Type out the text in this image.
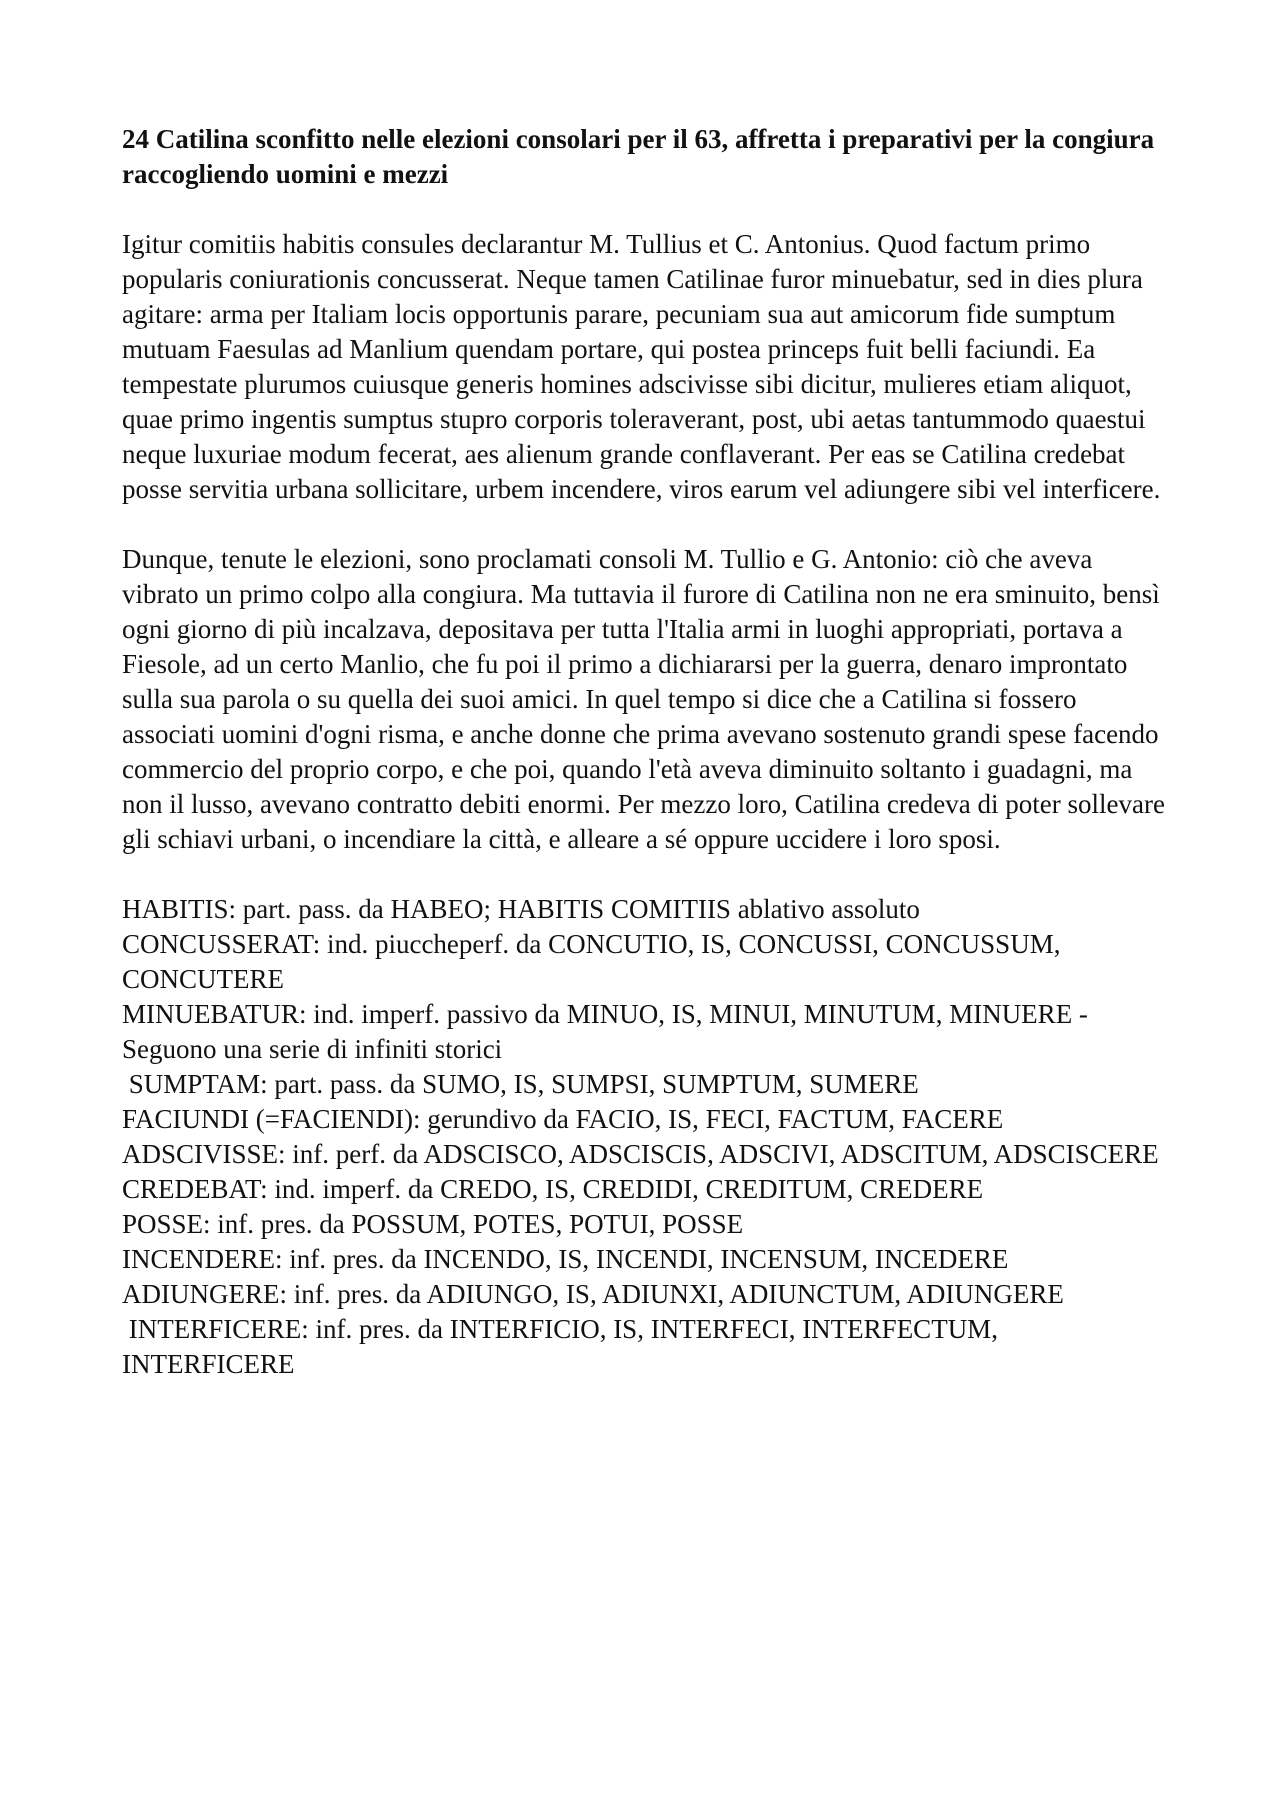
24 Catilina sconfitto nelle elezioni consolari per il 63, affretta i preparativi per la congiura raccogliendo uomini e mezzi

Igitur comitiis habitis consules declarantur M. Tullius et C. Antonius. Quod factum primo popularis coniurationis concusserat. Neque tamen Catilinae furor minuebatur, sed in dies plura agitare: arma per Italiam locis opportunis parare, pecuniam sua aut amicorum fide sumptum mutuam Faesulas ad Manlium quendam portare, qui postea princeps fuit belli faciundi. Ea tempestate plurumos cuiusque generis homines adscivisse sibi dicitur, mulieres etiam aliquot, quae primo ingentis sumptus stupro corporis toleraverant, post, ubi aetas tantummodo quaestui neque luxuriae modum fecerat, aes alienum grande conflaverant. Per eas se Catilina credebat posse servitia urbana sollicitare, urbem incendere, viros earum vel adiungere sibi vel interficere.

Dunque, tenute le elezioni, sono proclamati consoli M. Tullio e G. Antonio: ciò che aveva vibrato un primo colpo alla congiura. Ma tuttavia il furore di Catilina non ne era sminuito, bensì ogni giorno di più incalzava, depositava per tutta l'Italia armi in luoghi appropriati, portava a Fiesole, ad un certo Manlio, che fu poi il primo a dichiararsi per la guerra, denaro improntato sulla sua parola o su quella dei suoi amici. In quel tempo si dice che a Catilina si fossero associati uomini d'ogni risma, e anche donne che prima avevano sostenuto grandi spese facendo commercio del proprio corpo, e che poi, quando l'età aveva diminuito soltanto i guadagni, ma non il lusso, avevano contratto debiti enormi. Per mezzo loro, Catilina credeva di poter sollevare gli schiavi urbani, o incendiare la città, e alleare a sé oppure uccidere i loro sposi.

HABITIS: part. pass. da HABEO; HABITIS COMITIIS ablativo assoluto
CONCUSSERAT: ind. piuccheperf. da CONCUTIO, IS, CONCUSSI, CONCUSSUM, CONCUTERE
MINUEBATUR: ind. imperf. passivo da MINUO, IS, MINUI, MINUTUM, MINUERE - Seguono una serie di infiniti storici
SUMPTAM: part. pass. da SUMO, IS, SUMPSI, SUMPTUM, SUMERE
FACIUNDI (=FACIENDI): gerundivo da FACIO, IS, FECI, FACTUM, FACERE
ADSCIVISSE: inf. perf. da ADSCISCO, ADSCISCIS, ADSCIVI, ADSCITUM, ADSCISCERE
CREDEBAT: ind. imperf. da CREDO, IS, CREDIDI, CREDITUM, CREDERE
POSSE: inf. pres. da POSSUM, POTES, POTUI, POSSE
INCENDERE: inf. pres. da INCENDO, IS, INCENDI, INCENSUM, INCEDERE
ADIUNGERE: inf. pres. da ADIUNGO, IS, ADIUNXI, ADIUNCTUM, ADIUNGERE
INTERFICERE: inf. pres. da INTERFICIO, IS, INTERFECI, INTERFECTUM, INTERFICERE
